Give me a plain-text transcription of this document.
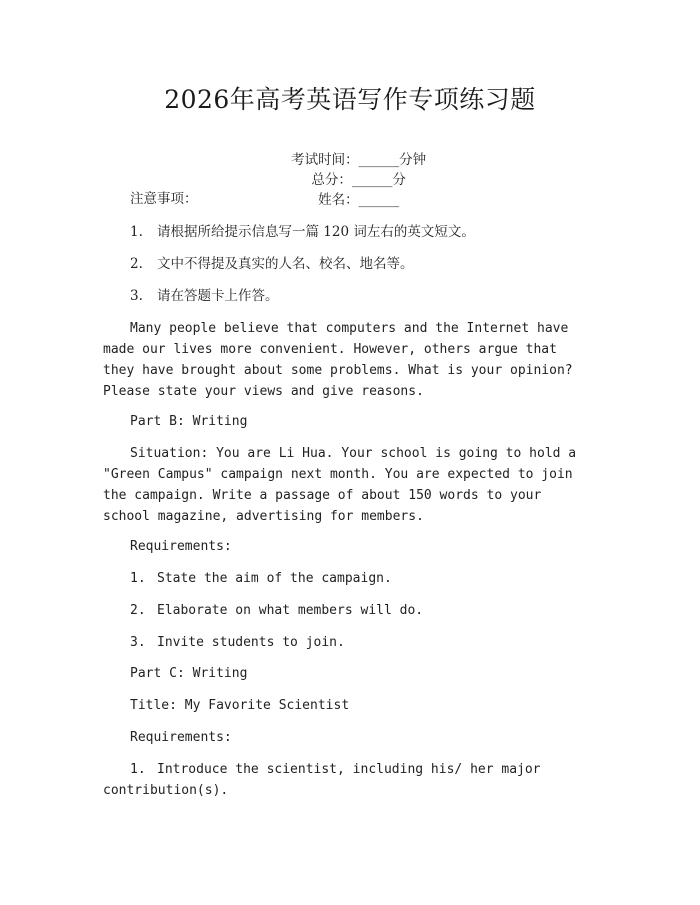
2026年高考英语写作专项练习题

考试时间：______分钟
总分：______分
姓名：______

注意事项：

1. 请根据所给提示信息写一篇 120 词左右的英文短文。

2. 文中不得提及真实的人名、校名、地名等。

3. 请在答题卡上作答。

Many people believe that computers and the Internet have made our lives more convenient. However, others argue that they have brought about some problems. What is your opinion? Please state your views and give reasons.

Part B: Writing

Situation: You are Li Hua. Your school is going to hold a "Green Campus" campaign next month. You are expected to join the campaign. Write a passage of about 150 words to your school magazine, advertising for members.

Requirements:

1. State the aim of the campaign.

2. Elaborate on what members will do.

3. Invite students to join.

Part C: Writing

Title: My Favorite Scientist

Requirements:

1. Introduce the scientist, including his/ her major contribution(s).
